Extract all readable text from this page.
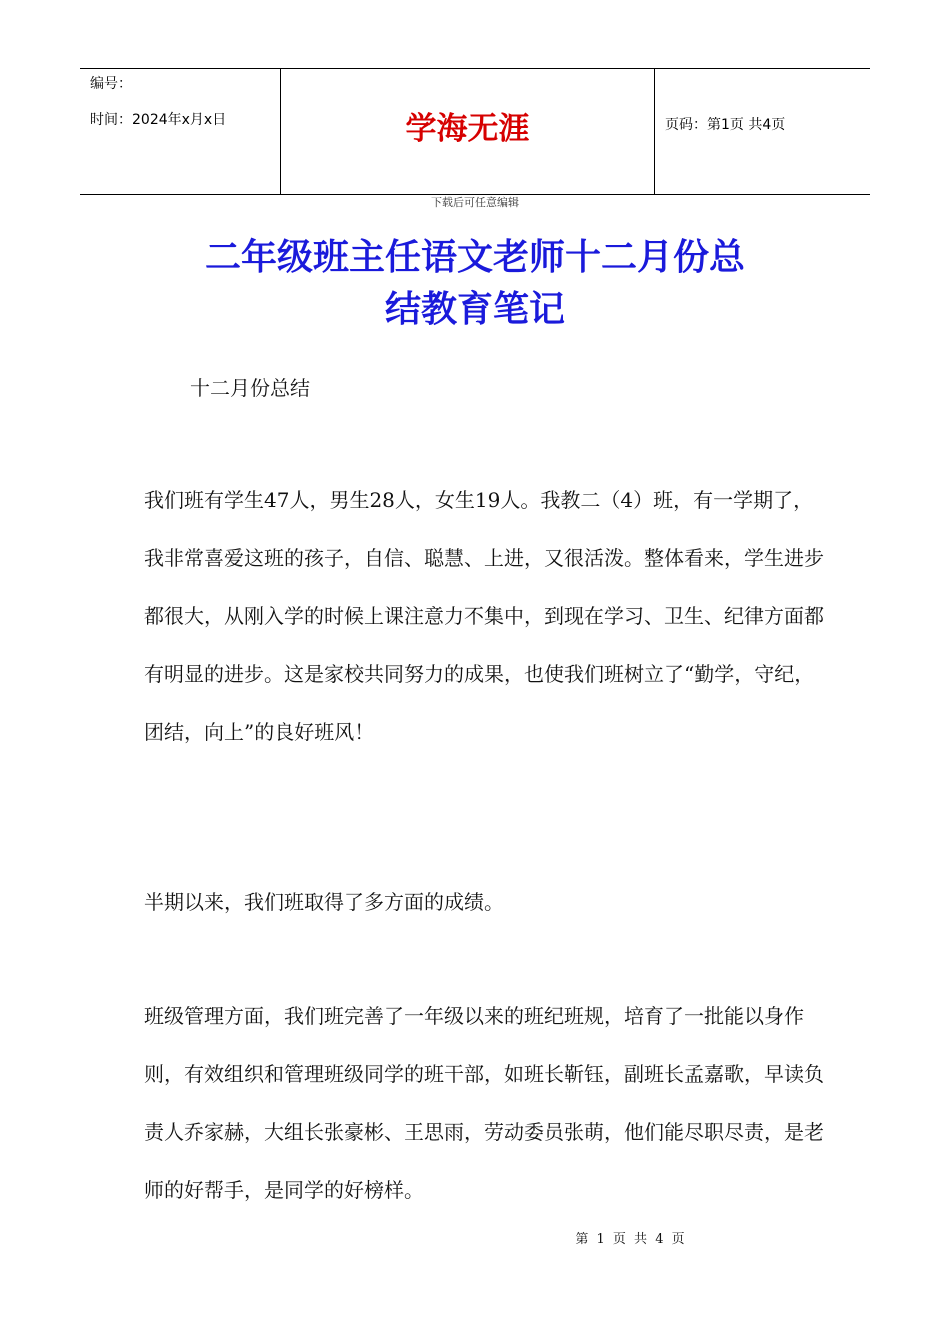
编号：
时间：2024年x月x日	学海无涯	页码：第1页 共4页
下载后可任意编辑
二年级班主任语文老师十二月份总
结教育笔记
十二月份总结
我们班有学生47人，男生28人，女生19人。我教二（4）班，有一学期了，我非常喜爱这班的孩子，自信、聪慧、上进，又很活泼。整体看来，学生进步都很大，从刚入学的时候上课注意力不集中，到现在学习、卫生、纪律方面都有明显的进步。这是家校共同努力的成果，也使我们班树立了“勤学，守纪，团结，向上”的良好班风！
半期以来，我们班取得了多方面的成绩。
班级管理方面，我们班完善了一年级以来的班纪班规，培育了一批能以身作则，有效组织和管理班级同学的班干部，如班长靳钰，副班长孟嘉歌，早读负责人乔家赫，大组长张豪彬、王思雨，劳动委员张萌，他们能尽职尽责，是老师的好帮手，是同学的好榜样。
第 1 页 共 4 页
